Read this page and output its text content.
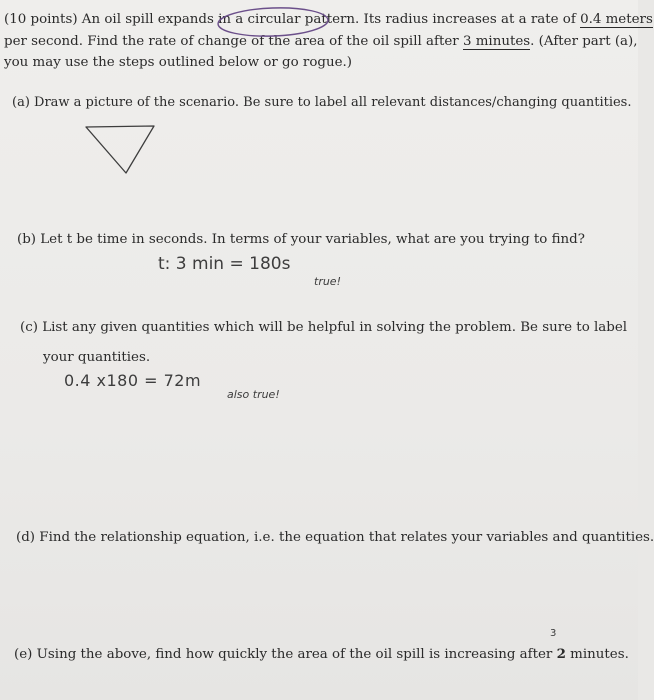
(10 points) An oil spill expands in a circular pattern. Its radius increases at a rate of 0.4 meters
per second. Find the rate of change of the area of the oil spill after 3 minutes. (After part (a),
you may use the steps outlined below or go rogue.)
(a) Draw a picture of the scenario. Be sure to label all relevant distances/changing quantities.
(b) Let t be time in seconds. In terms of your variables, what are you trying to find?
t: 3 min = 180s
true!
(c) List any given quantities which will be helpful in solving the problem. Be sure to label
your quantities.
0.4 x180 = 72m
also true!
(d) Find the relationship equation, i.e. the equation that relates your variables and quantities.
3
(e) Using the above, find how quickly the area of the oil spill is increasing after 2 minutes.
